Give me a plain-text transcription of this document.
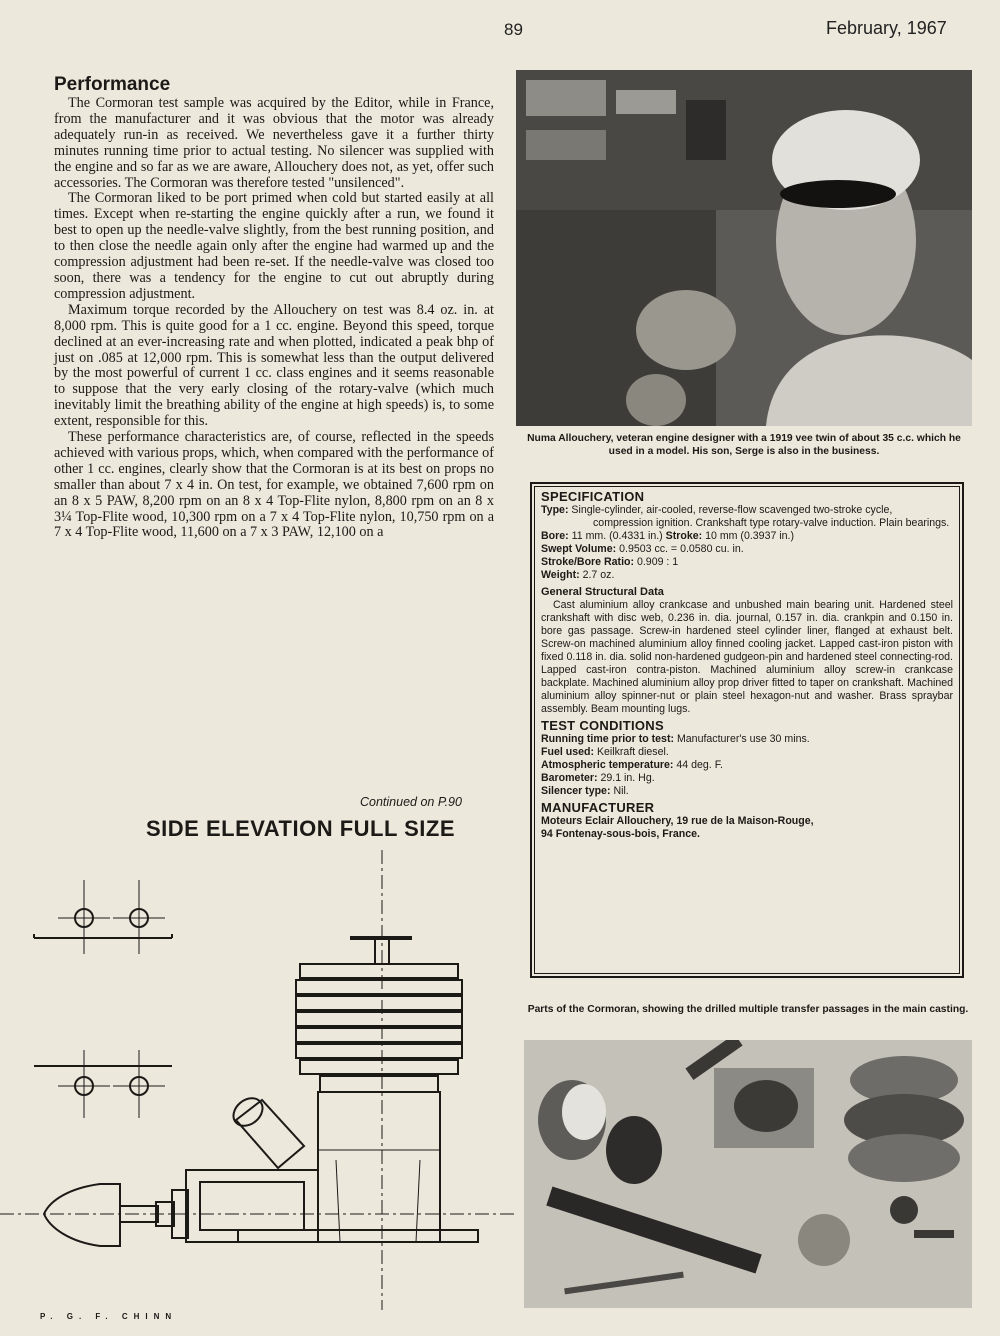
89	February, 1967
Performance

The Cormoran test sample was acquired by the Editor, while in France, from the manufacturer and it was obvious that the motor was already adequately run-in as received. We nevertheless gave it a further thirty minutes running time prior to actual testing. No silencer was supplied with the engine and so far as we are aware, Allouchery does not, as yet, offer such accessories. The Cormoran was therefore tested "unsilenced".

The Cormoran liked to be port primed when cold but started easily at all times. Except when re-starting the engine quickly after a run, we found it best to open up the needle-valve slightly, from the best running position, and to then close the needle again only after the engine had warmed up and the compression adjustment had been re-set. If the needle-valve was closed too soon, there was a tendency for the engine to cut out abruptly during compression adjustment.

Maximum torque recorded by the Allouchery on test was 8.4 oz. in. at 8,000 rpm. This is quite good for a 1 cc. engine. Beyond this speed, torque declined at an ever-increasing rate and when plotted, indicated a peak bhp of just on .085 at 12,000 rpm. This is somewhat less than the output delivered by the most powerful of current 1 cc. class engines and it seems reasonable to suppose that the very early closing of the rotary-valve (which much inevitably limit the breathing ability of the engine at high speeds) is, to some extent, responsible for this.

These performance characteristics are, of course, reflected in the speeds achieved with various props, which, when compared with the performance of other 1 cc. engines, clearly show that the Cormoran is at its best on props no smaller than about 7 x 4 in. On test, for example, we obtained 7,600 rpm on an 8 x 5 PAW, 8,200 rpm on an 8 x 4 Top-Flite nylon, 8,800 rpm on an 8 x 3¼ Top-Flite wood, 10,300 rpm on a 7 x 4 Top-Flite nylon, 10,750 rpm on a 7 x 4 Top-Flite wood, 11,600 on a 7 x 3 PAW, 12,100 on a

Continued on P.90
SIDE ELEVATION FULL SIZE
P. G. F. CHINN
Numa Allouchery, veteran engine designer with a 1919 vee twin of about 35 c.c. which he used in a model. His son, Serge is also in the business.
SPECIFICATION
Type: Single-cylinder, air-cooled, reverse-flow scavenged two-stroke cycle, compression ignition. Crankshaft type rotary-valve induction. Plain bearings.
Bore: 11 mm. (0.4331 in.) Stroke: 10 mm (0.3937 in.)
Swept Volume: 0.9503 cc. = 0.0580 cu. in.
Stroke/Bore Ratio: 0.909 : 1
Weight: 2.7 oz.
General Structural Data

Cast aluminium alloy crankcase and unbushed main bearing unit. Hardened steel crankshaft with disc web, 0.236 in. dia. journal, 0.157 in. dia. crankpin and 0.150 in. bore gas passage. Screw-in hardened steel cylinder liner, flanged at exhaust belt. Screw-on machined aluminium alloy finned cooling jacket. Lapped cast-iron piston with fixed 0.118 in. dia. solid non-hardened gudgeon-pin and hardened steel connecting-rod. Lapped cast-iron contra-piston. Machined aluminium alloy screw-in crankcase backplate. Machined aluminium alloy prop driver fitted to taper on crankshaft. Machined aluminium alloy spinner-nut or plain steel hexagon-nut and washer. Brass spraybar assembly. Beam mounting lugs.

TEST CONDITIONS
Running time prior to test: Manufacturer's use 30 mins.
Fuel used: Keilkraft diesel.
Atmospheric temperature: 44 deg. F.
Barometer: 29.1 in. Hg.
Silencer type: Nil.
MANUFACTURER
Moteurs Eclair Allouchery, 19 rue de la Maison-Rouge,
94 Fontenay-sous-bois, France.
Parts of the Cormoran, showing the drilled multiple transfer passages in the main casting.
